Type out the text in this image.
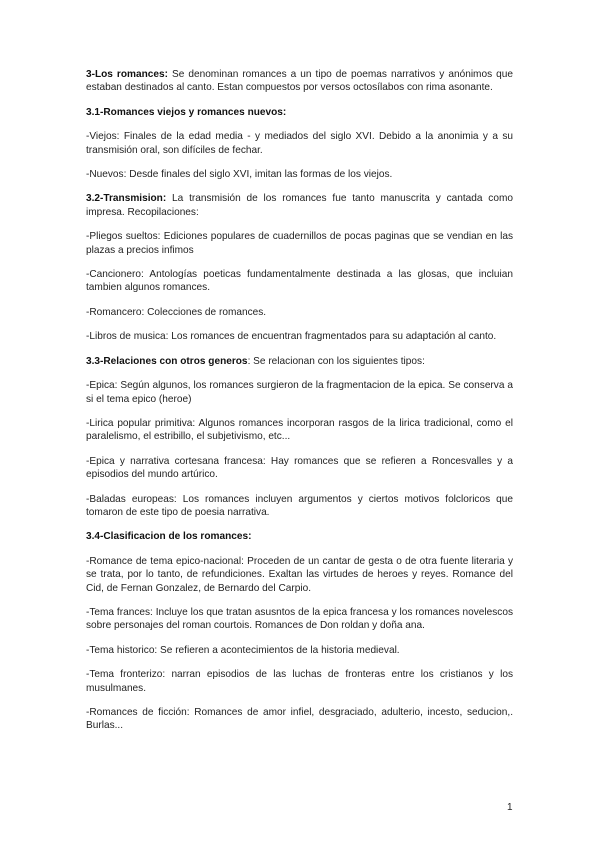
3-Los romances: Se denominan romances a un tipo de poemas narrativos y anónimos que estaban destinados al canto. Estan compuestos por versos octosílabos con rima asonante.

3.1-Romances viejos y romances nuevos:

-Viejos: Finales de la edad media - y mediados del siglo XVI. Debido a la anonimia y a su transmisión oral, son difíciles de fechar.

-Nuevos: Desde finales del siglo XVI, imitan las formas de los viejos.

3.2-Transmision: La transmisión de los romances fue tanto manuscrita y cantada como impresa. Recopilaciones:

-Pliegos sueltos: Ediciones populares de cuadernillos de pocas paginas que se vendian en las plazas a precios infimos

-Cancionero: Antologías poeticas fundamentalmente destinada a las glosas, que incluian tambien algunos romances.

-Romancero: Colecciones de romances.

-Libros de musica: Los romances de encuentran fragmentados para su adaptación al canto.

3.3-Relaciones con otros generos: Se relacionan con los siguientes tipos:

-Epica: Según algunos, los romances surgieron de la fragmentacion de la epica. Se conserva a si el tema epico (heroe)

-Lirica popular primitiva: Algunos romances incorporan rasgos de la lirica tradicional, como el paralelismo, el estribillo, el subjetivismo, etc...

-Epica y narrativa cortesana francesa: Hay romances que se refieren a Roncesvalles y a episodios del mundo artúrico.

-Baladas europeas: Los romances incluyen argumentos y ciertos motivos folcloricos que tomaron de este tipo de poesia narrativa.

3.4-Clasificacion de los romances:

-Romance de tema epico-nacional: Proceden de un cantar de gesta o de otra fuente literaria y se trata, por lo tanto, de refundiciones. Exaltan las virtudes de heroes y reyes. Romance del Cid, de Fernan Gonzalez, de Bernardo del Carpio.

-Tema frances: Incluye los que tratan asusntos de la epica francesa y los romances novelescos sobre personajes del roman courtois. Romances de Don roldan y doña ana.

-Tema historico: Se refieren a acontecimientos de la historia medieval.

-Tema fronterizo: narran episodios de las luchas de fronteras entre los cristianos y los musulmanes.

-Romances de ficción: Romances de amor infiel, desgraciado, adulterio, incesto, seducion,. Burlas...

1
